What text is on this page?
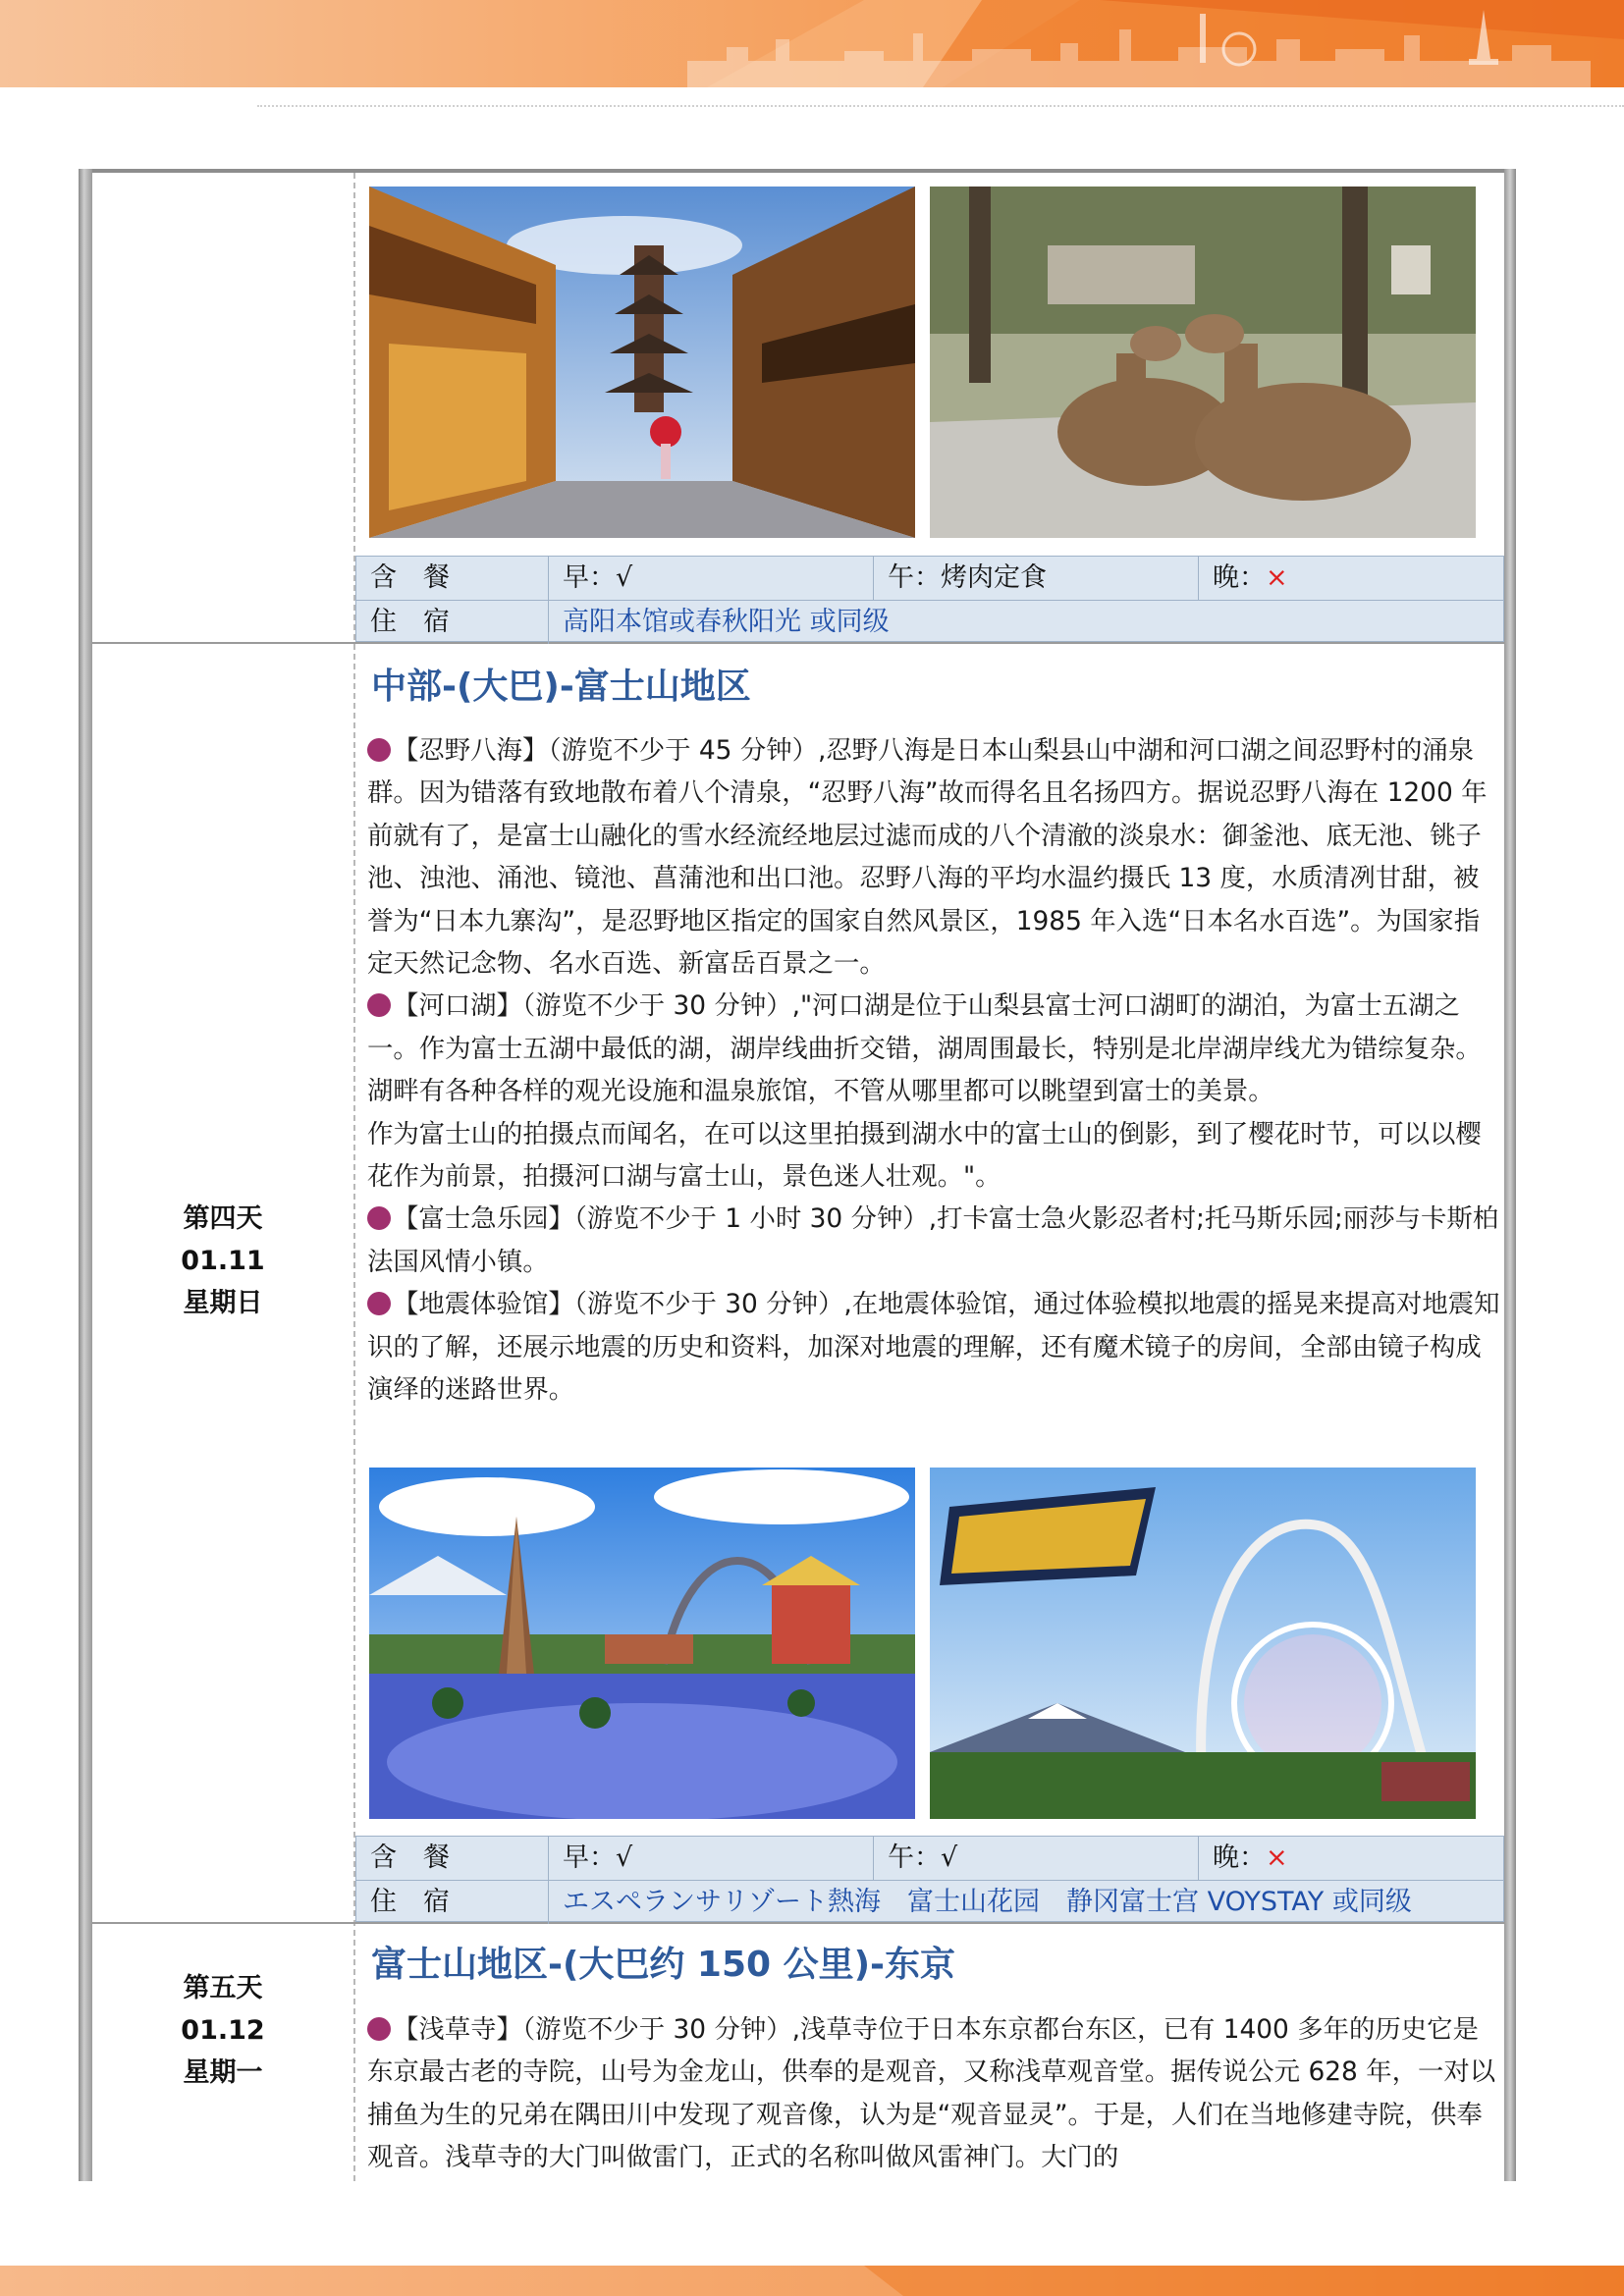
含　餐	早：√	午：烤肉定食	晚：×
住　宿	高阳本馆或春秋阳光 或同级
第四天
01.11
星期日
中部-(大巴)-富士山地区

【忍野八海】（游览不少于 45 分钟）,忍野八海是日本山梨县山中湖和河口湖之间忍野村的涌泉群。因为错落有致地散布着八个清泉，“忍野八海”故而得名且名扬四方。据说忍野八海在 1200 年前就有了，是富士山融化的雪水经流经地层过滤而成的八个清澈的淡泉水：御釜池、底无池、铫子池、浊池、涌池、镜池、菖蒲池和出口池。忍野八海的平均水温约摄氏 13 度，水质清冽甘甜，被誉为“日本九寨沟”，是忍野地区指定的国家自然风景区，1985 年入选“日本名水百选”。为国家指定天然记念物、名水百选、新富岳百景之一。

【河口湖】（游览不少于 30 分钟）,"河口湖是位于山梨县富士河口湖町的湖泊，为富士五湖之一。作为富士五湖中最低的湖，湖岸线曲折交错，湖周围最长，特别是北岸湖岸线尤为错综复杂。湖畔有各种各样的观光设施和温泉旅馆，不管从哪里都可以眺望到富士的美景。

作为富士山的拍摄点而闻名，在可以这里拍摄到湖水中的富士山的倒影，到了樱花时节，可以以樱花作为前景，拍摄河口湖与富士山，景色迷人壮观。"。

【富士急乐园】（游览不少于 1 小时 30 分钟）,打卡富士急火影忍者村;托马斯乐园;丽莎与卡斯柏法国风情小镇。

【地震体验馆】（游览不少于 30 分钟）,在地震体验馆，通过体验模拟地震的摇晃来提高对地震知识的了解，还展示地震的历史和资料，加深对地震的理解，还有魔术镜子的房间，全部由镜子构成演绎的迷路世界。

含　餐	早：√	午：√	晚：×
住　宿	エスペランサリゾート熱海　富士山花园　静冈富士宫 VOYSTAY 或同级
第五天
01.12
星期一
富士山地区-(大巴约 150 公里)-东京

【浅草寺】（游览不少于 30 分钟）,浅草寺位于日本东京都台东区，已有 1400 多年的历史它是东京最古老的寺院，山号为金龙山，供奉的是观音，又称浅草观音堂。据传说公元 628 年，一对以捕鱼为生的兄弟在隅田川中发现了观音像，认为是“观音显灵”。于是，人们在当地修建寺院，供奉观音。浅草寺的大门叫做雷门，正式的名称叫做风雷神门。大门的
